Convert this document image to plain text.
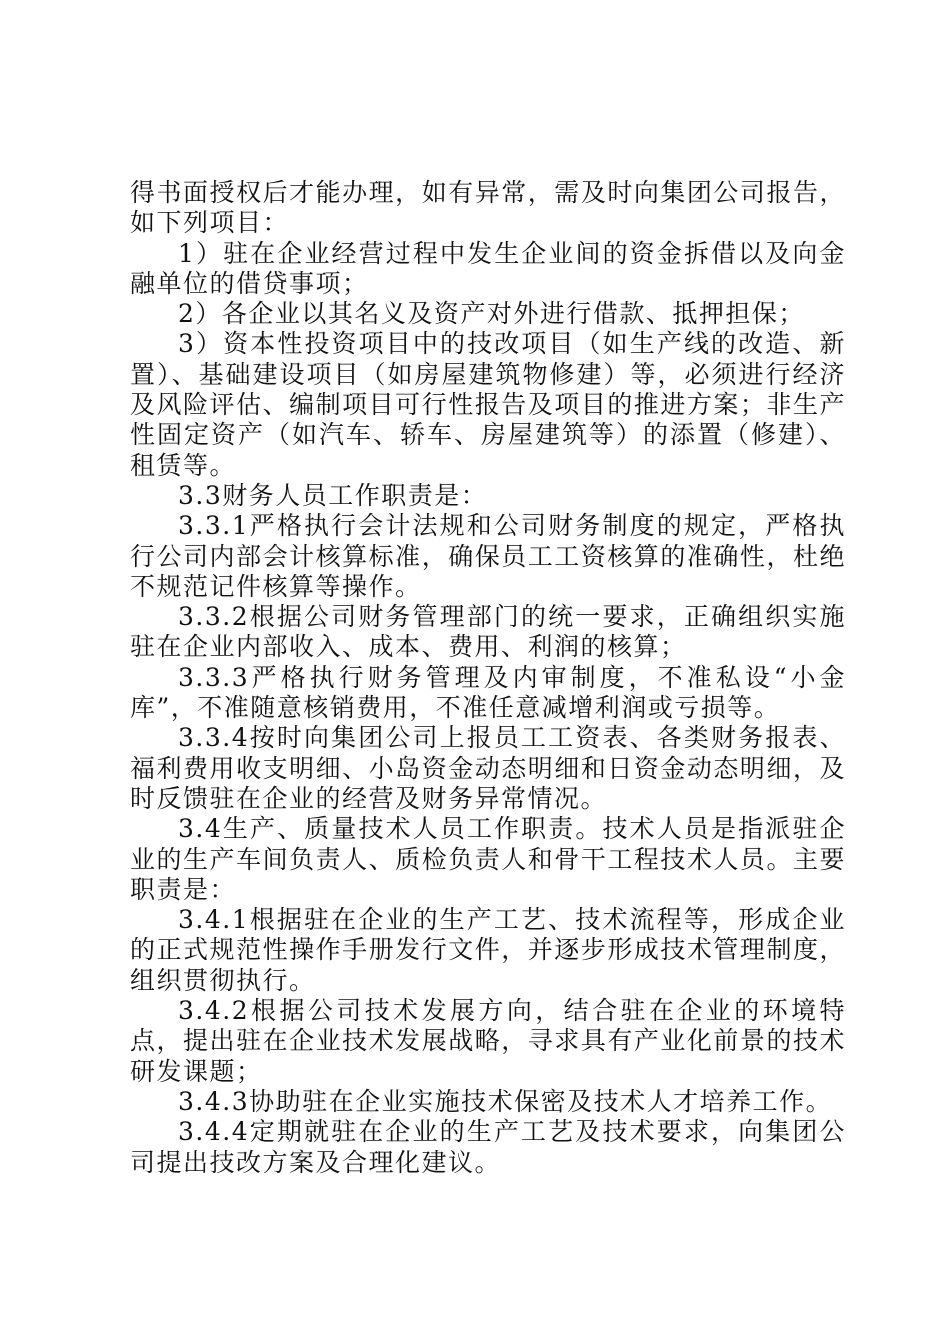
得书面授权后才能办理，如有异常，需及时向集团公司报告，如下列项目：

1）驻在企业经营过程中发生企业间的资金拆借以及向金融单位的借贷事项；

2）各企业以其名义及资产对外进行借款、抵押担保；

3）资本性投资项目中的技改项目（如生产线的改造、新置）、基础建设项目（如房屋建筑物修建）等，必须进行经济及风险评估、编制项目可行性报告及项目的推进方案；非生产性固定资产（如汽车、轿车、房屋建筑等）的添置（修建）、租赁等。

3.3财务人员工作职责是：

3.3.1严格执行会计法规和公司财务制度的规定，严格执行公司内部会计核算标准，确保员工工资核算的准确性，杜绝不规范记件核算等操作。

3.3.2根据公司财务管理部门的统一要求，正确组织实施驻在企业内部收入、成本、费用、利润的核算；

3.3.3严格执行财务管理及内审制度，不准私设“小金库”，不准随意核销费用，不准任意减增利润或亏损等。

3.3.4按时向集团公司上报员工工资表、各类财务报表、福利费用收支明细、小岛资金动态明细和日资金动态明细，及时反馈驻在企业的经营及财务异常情况。

3.4生产、质量技术人员工作职责。技术人员是指派驻企业的生产车间负责人、质检负责人和骨干工程技术人员。主要职责是：

3.4.1根据驻在企业的生产工艺、技术流程等，形成企业的正式规范性操作手册发行文件，并逐步形成技术管理制度，组织贯彻执行。

3.4.2根据公司技术发展方向，结合驻在企业的环境特点，提出驻在企业技术发展战略，寻求具有产业化前景的技术研发课题；

3.4.3协助驻在企业实施技术保密及技术人才培养工作。

3.4.4定期就驻在企业的生产工艺及技术要求，向集团公司提出技改方案及合理化建议。
